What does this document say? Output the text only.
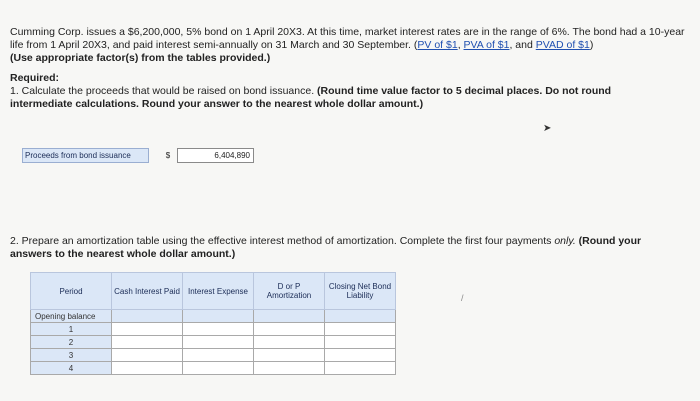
Cumming Corp. issues a $6,200,000, 5% bond on 1 April 20X3. At this time, market interest rates are in the range of 6%. The bond had a 10-year life from 1 April 20X3, and paid interest semi-annually on 31 March and 30 September. (PV of $1, PVA of $1, and PVAD of $1)
(Use appropriate factor(s) from the tables provided.)
Required:
1. Calculate the proceeds that would be raised on bond issuance. (Round time value factor to 5 decimal places. Do not round intermediate calculations. Round your answer to the nearest whole dollar amount.)
Proceeds from bond issuance	$	6,404,890
➤
2. Prepare an amortization table using the effective interest method of amortization. Complete the first four payments only. (Round your answers to the nearest whole dollar amount.)
Period	Cash Interest Paid	Interest Expense	D or P Amortization	Closing Net Bond Liability
Opening balance				
1				
2				
3				
4				
/
